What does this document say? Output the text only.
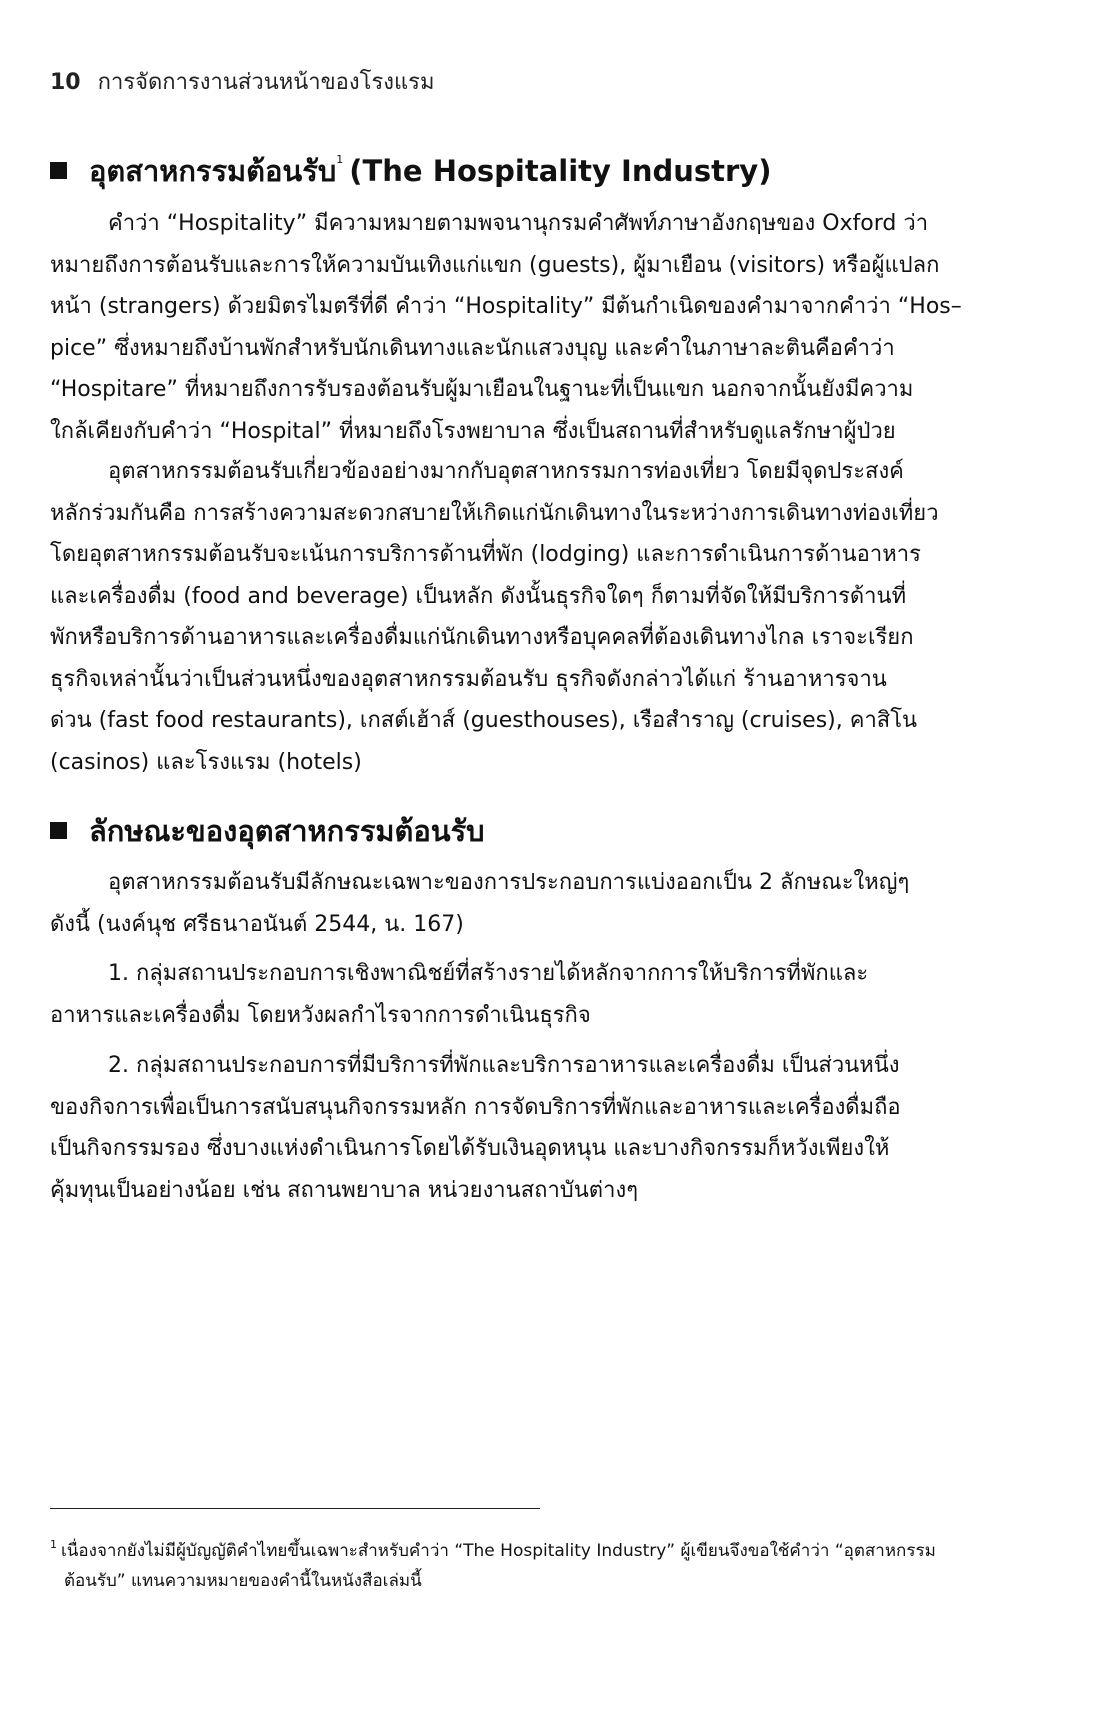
10 การจัดการงานส่วนหน้าของโรงแรม
อุตสาหกรรมต้อนรับ$^1$ (The Hospitality Industry)
คำว่า “Hospitality” มีความหมายตามพจนานุกรมคำศัพท์ภาษาอังกฤษของ Oxford ว่า
หมายถึงการต้อนรับและการให้ความบันเทิงแก่แขก (guests), ผู้มาเยือน (visitors) หรือผู้แปลก
หน้า (strangers) ด้วยมิตรไมตรีที่ดี คำว่า “Hospitality” มีต้นกำเนิดของคำมาจากคำว่า “Hos–
pice” ซึ่งหมายถึงบ้านพักสำหรับนักเดินทางและนักแสวงบุญ และคำในภาษาละตินคือคำว่า
“Hospitare” ที่หมายถึงการรับรองต้อนรับผู้มาเยือนในฐานะที่เป็นแขก นอกจากนั้นยังมีความ
ใกล้เคียงกับคำว่า “Hospital” ที่หมายถึงโรงพยาบาล ซึ่งเป็นสถานที่สำหรับดูแลรักษาผู้ป่วย
อุตสาหกรรมต้อนรับเกี่ยวข้องอย่างมากกับอุตสาหกรรมการท่องเที่ยว โดยมีจุดประสงค์
หลักร่วมกันคือ การสร้างความสะดวกสบายให้เกิดแก่นักเดินทางในระหว่างการเดินทางท่องเที่ยว
โดยอุตสาหกรรมต้อนรับจะเน้นการบริการด้านที่พัก (lodging) และการดำเนินการด้านอาหาร
และเครื่องดื่ม (food and beverage) เป็นหลัก ดังนั้นธุรกิจใดๆ ก็ตามที่จัดให้มีบริการด้านที่
พักหรือบริการด้านอาหารและเครื่องดื่มแก่นักเดินทางหรือบุคคลที่ต้องเดินทางไกล เราจะเรียก
ธุรกิจเหล่านั้นว่าเป็นส่วนหนึ่งของอุตสาหกรรมต้อนรับ ธุรกิจดังกล่าวได้แก่ ร้านอาหารจาน
ด่วน (fast food restaurants), เกสต์เฮ้าส์ (guesthouses), เรือสำราญ (cruises), คาสิโน
(casinos) และโรงแรม (hotels)
ลักษณะของอุตสาหกรรมต้อนรับ
อุตสาหกรรมต้อนรับมีลักษณะเฉพาะของการประกอบการแบ่งออกเป็น 2 ลักษณะใหญ่ๆ
ดังนี้ (นงค์นุช ศรีธนาอนันต์ 2544, น. 167)
1. กลุ่มสถานประกอบการเชิงพาณิชย์ที่สร้างรายได้หลักจากการให้บริการที่พักและ
อาหารและเครื่องดื่ม โดยหวังผลกำไรจากการดำเนินธุรกิจ
2. กลุ่มสถานประกอบการที่มีบริการที่พักและบริการอาหารและเครื่องดื่ม เป็นส่วนหนึ่ง
ของกิจการเพื่อเป็นการสนับสนุนกิจกรรมหลัก การจัดบริการที่พักและอาหารและเครื่องดื่มถือ
เป็นกิจกรรมรอง ซึ่งบางแห่งดำเนินการโดยได้รับเงินอุดหนุน และบางกิจกรรมก็หวังเพียงให้
คุ้มทุนเป็นอย่างน้อย เช่น สถานพยาบาล หน่วยงานสถาบันต่างๆ
$^1$ เนื่องจากยังไม่มีผู้บัญญัติคำไทยขึ้นเฉพาะสำหรับคำว่า “The Hospitality Industry” ผู้เขียนจึงขอใช้คำว่า “อุตสาหกรรม
ต้อนรับ” แทนความหมายของคำนี้ในหนังสือเล่มนี้
